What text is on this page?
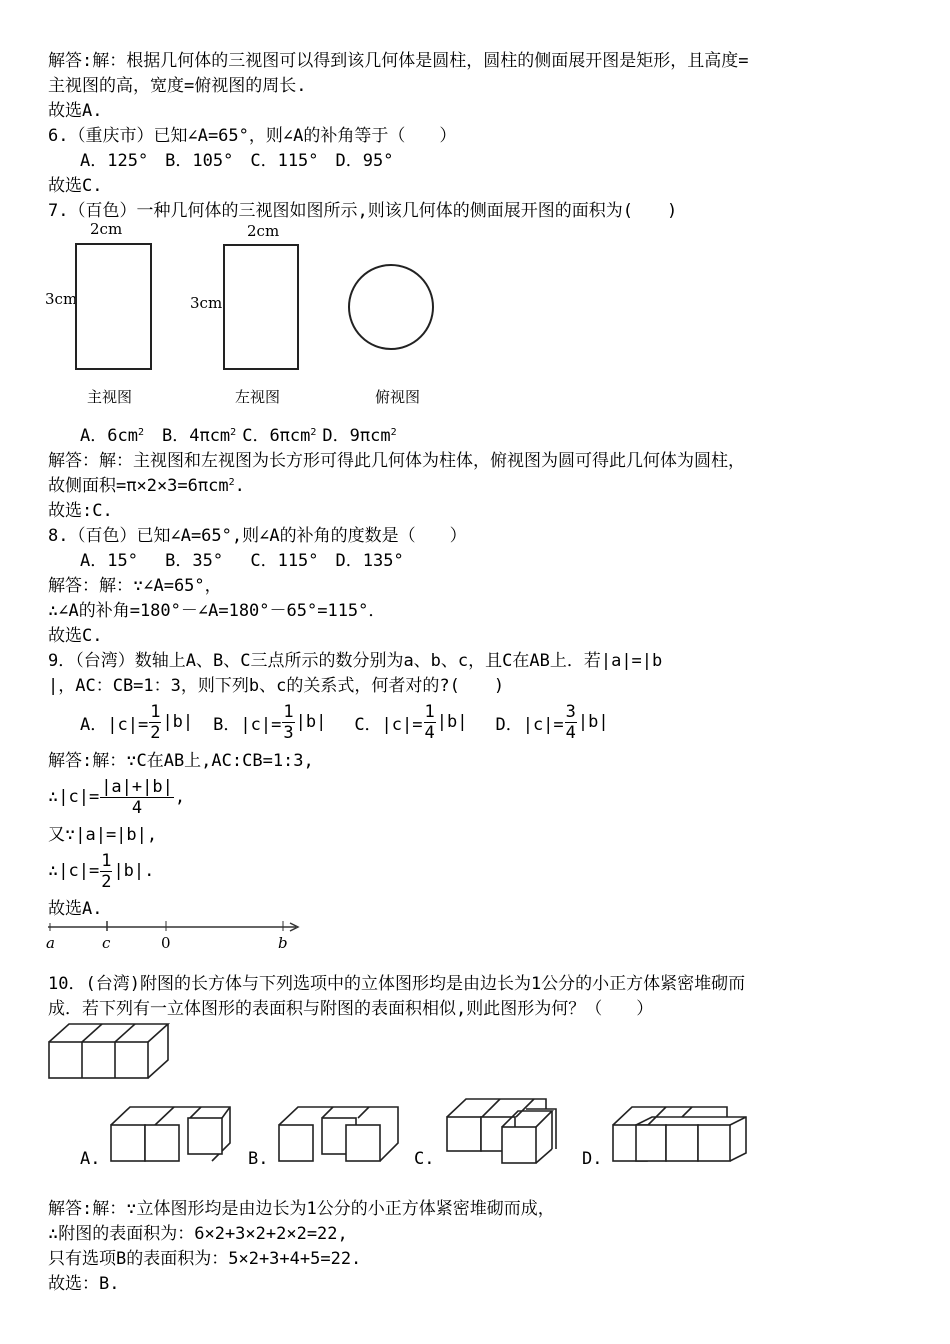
解答:解：根据几何体的三视图可以得到该几何体是圆柱，圆柱的侧面展开图是矩形，且高度=
主视图的高，宽度=俯视图的周长.
故选A.
6.（重庆市）已知∠A=65°，则∠A的补角等于（　　）
A．125°　B．105°　C．115°　D．95°
故选C.
7.（百色）一种几何体的三视图如图所示,则该几何体的侧面展开图的面积为(　　)
2cm
3cm
主视图
2cm
3cm
左视图	俯视图
A．$6cm^2$ B．4πcm$^2$ C．6πcm$^2$ D．9πcm$^2$
解答：解：主视图和左视图为长方形可得此几何体为柱体，俯视图为圆可得此几何体为圆柱，
故侧面积=π×2×3=6πcm$^2$.
故选:C.
8.（百色）已知∠A=65°,则∠A的补角的度数是（　　）
A．15°　 B．35°　 C．115°　D．135°
解答：解：∵∠A=65°，
∴∠A的补角=180°－∠A=180°－65°=115°．
故选C.
9．（台湾）数轴上A、B、C三点所示的数分别为a、b、c，且C在AB上．若|a|=|b
|，AC：CB=1：3，则下列b、c的关系式，何者对的?(　　)
A．$|c|= \frac{1}{2} |b|$ B．$|c|= \frac{1}{3} |b|$ C．$|c|= \frac{1}{4} |b|$ D．$|c|= \frac{3}{4} |b|$
解答:解：∵C在AB上,AC:CB=1:3,
∴|c|= $\frac{|a|+|b|}{4}$ ,
又∵|a|=|b|,
∴|c|= $\frac{1}{2} |b|$.
故选A.
a	c	0	b
10．(台湾)附图的长方体与下列选项中的立体图形均是由边长为1公分的小正方体紧密堆砌而
成．若下列有一立体图形的表面积与附图的表面积相似,则此图形为何？（　　）
A.	B.	C.	D.
解答:解：∵立体图形均是由边长为1公分的小正方体紧密堆砌而成，
∴附图的表面积为：6×2+3×2+2×2=22,
只有选项B的表面积为：5×2+3+4+5=22.
故选：B.
